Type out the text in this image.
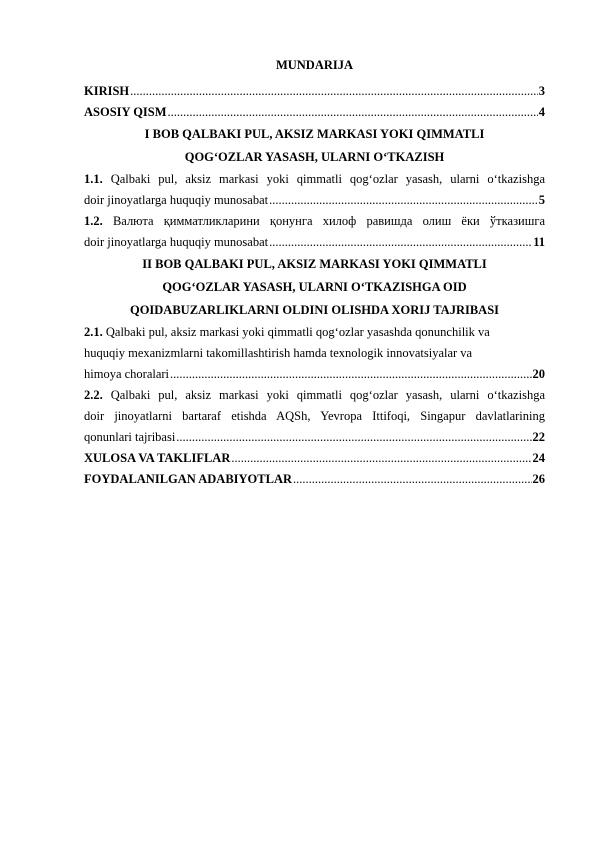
MUNDARIJA
KIRISH .....	3
ASOSIY QISM .....	4
I BOB QALBAKI PUL, AKSIZ MARKASI YOKI QIMMATLI
QOG‘OZLAR YASASH, ULARNI O‘TKAZISH
1.1. Qalbaki pul, aksiz markasi yoki qimmatli qog‘ozlar yasash, ularni o‘tkazishga
doir jinoyatlarga huquqiy munosabat .....	5
1.2. Валюта қимматликларини қонунга хилоф равишда олиш ёки ўтказишга
doir jinoyatlarga huquqiy munosabat .....	11
II BOB QALBAKI PUL, AKSIZ MARKASI YOKI QIMMATLI
QOG‘OZLAR YASASH, ULARNI O‘TKAZISHGA OID
QOIDABUZARLIKLARNI OLDINI OLISHDA XORIJ TAJRIBASI
2.1. Qalbaki pul, aksiz markasi yoki qimmatli qog‘ozlar yasashda qonunchilik va
huquqiy mexanizmlarni takomillashtirish hamda texnologik innovatsiyalar va
himoya choralari .....	20
2.2. Qalbaki pul, aksiz markasi yoki qimmatli qog‘ozlar yasash, ularni o‘tkazishga
doir jinoyatlarni bartaraf etishda AQSh, Yevropa Ittifoqi, Singapur davlatlarining
qonunlari tajribasi .....	22
XULOSA VA TAKLIFLAR .....	24
FOYDALANILGAN ADABIYOTLAR .....	26
